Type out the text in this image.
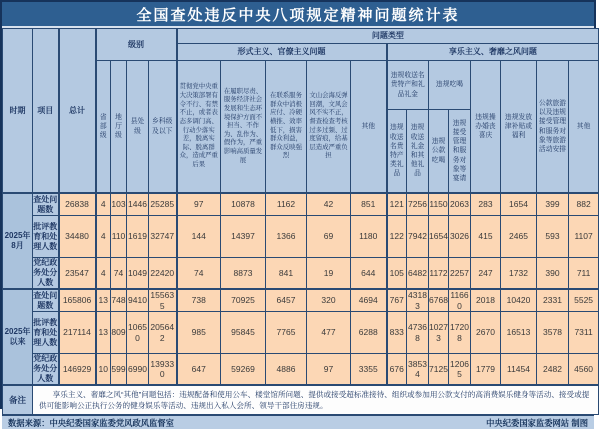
全国查处违反中央八项规定精神问题统计表
时期	项目	总计	级别				问题类型												
							形式主义、官僚主义问题					享乐主义、奢靡之风问题							
			省部级	地厅级	县处级	乡科级及以下	贯彻党中央重大决策部署有令不行、有禁不止，或者表态多调门高、行动少落实差，脱离实际、脱离群众，造成严重后果	在履职尽责、服务经济社会发展和生态环境保护方面不担当、不作为、乱作为、假作为，严重影响高质量发展	在联系服务群众中消极应付、冷硬横推、效率低下，损害群众利益，群众反映强烈	文山会海反弹回潮，文风会风不实不正，督查检查考核过多过频、过度留痕，给基层造成严重负担	其他	违规收送名贵特产和礼品礼金		违规吃喝		违规操办婚丧喜庆	违规发放津补贴或福利	公款旅游以及违规接受管理和服务对象等旅游活动安排	其他
												违规收送名贵特产类礼品	违规收送礼金和其他礼品	违规公款吃喝	违规接受管理和服务对象等宴请				
2025年8月	查处问题数	26838	4	103	1446	25285	97	10878	1162	42	851	121	7256	1150	2063	283	1654	399	882
	批评教育和处理人数	34480	4	110	1619	32747	144	14397	1366	69	1180	122	7942	1654	3026	415	2465	593	1107
	党纪政务处分人数	23547	4	74	1049	22420	74	8873	841	19	644	105	6482	1172	2257	247	1732	390	711
2025年以来	查处问题数	165806	13	748	9410	155635	738	70925	6457	320	4694	767	43183	6768	11660	2018	10420	2331	5525
	批评教育和处理人数	217114	13	809	10650	205642	985	95845	7765	477	6288	833	47368	10273	17208	2670	16513	3578	7311
	党纪政务处分人数	146929	10	599	6990	139330	647	59269	4886	97	3355	676	38534	7125	12065	1779	11454	2482	4560
备注	享乐主义、奢靡之风“其他”问题包括：违规配备和使用公车、楼堂馆所问题、提供或接受超标准接待、组织或参加用公款支付的高消费娱乐健身等活动、接受或提供可能影响公正执行公务的健身娱乐等活动、违规出入私人会所、领导干部住房违规。																		
数据来源：中央纪委国家监委党风政风监督室	中央纪委国家监委网站 制图
